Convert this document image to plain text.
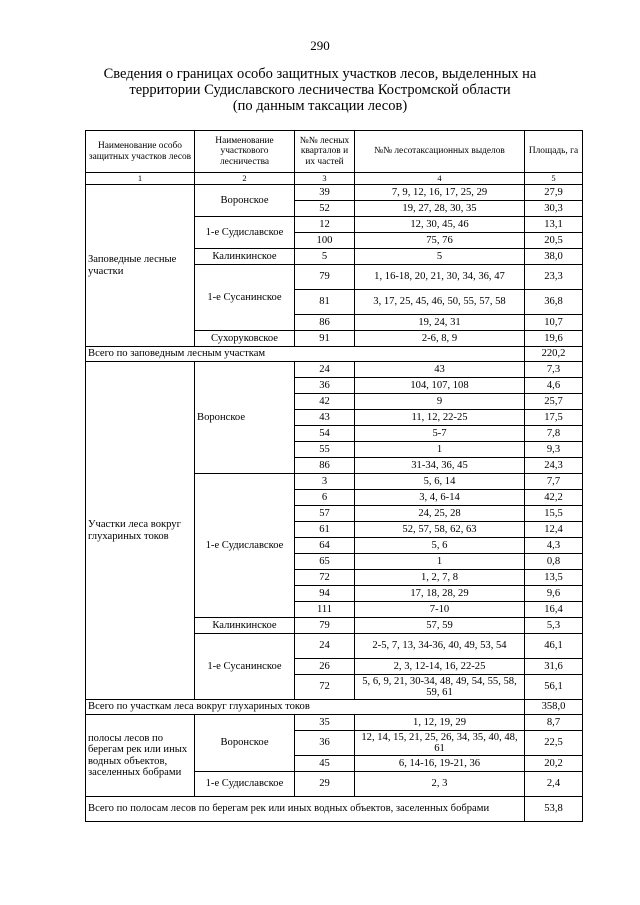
290
Сведения о границах особо защитных участков лесов, выделенных на
территории Судиславского лесничества Костромской области
(по данным таксации лесов)
Наименование особо защитных участков лесов	Наименование участкового лесничества	№№ лесных кварталов и их частей	№№ лесотаксационных выделов	Площадь, га
1	2	3	4	5
Заповедные лесные участки	Воронское	39	7, 9, 12, 16, 17, 25, 29	27,9
		52	19, 27, 28, 30, 35	30,3
	1-е Судиславское	12	12, 30, 45, 46	13,1
		100	75, 76	20,5
	Калинкинское	5	5	38,0
	1-е Сусанинское	79	1, 16-18, 20, 21, 30, 34, 36, 47	23,3
		81	3, 17, 25, 45, 46, 50, 55, 57, 58	36,8
		86	19, 24, 31	10,7
	Сухоруковское	91	2-6, 8, 9	19,6
Всего по заповедным лесным участкам				220,2
Участки леса вокруг глухариных токов	Воронское	24	43	7,3
		36	104, 107, 108	4,6
		42	9	25,7
		43	11, 12, 22-25	17,5
		54	5-7	7,8
		55	1	9,3
		86	31-34, 36, 45	24,3
	1-е Судиславское	3	5, 6, 14	7,7
		6	3, 4, 6-14	42,2
		57	24, 25, 28	15,5
		61	52, 57, 58, 62, 63	12,4
		64	5, 6	4,3
		65	1	0,8
		72	1, 2, 7, 8	13,5
		94	17, 18, 28, 29	9,6
		111	7-10	16,4
	Калинкинское	79	57, 59	5,3
	1-е Сусанинское	24	2-5, 7, 13, 34-36, 40, 49, 53, 54	46,1
		26	2, 3, 12-14, 16, 22-25	31,6
		72	5, 6, 9, 21, 30-34, 48, 49, 54, 55, 58, 59, 61	56,1
Всего по участкам леса вокруг глухариных токов				358,0
полосы лесов по берегам рек или иных водных объектов, заселенных бобрами	Воронское	35	1, 12, 19, 29	8,7
		36	12, 14, 15, 21, 25, 26, 34, 35, 40, 48, 61	22,5
		45	6, 14-16, 19-21, 36	20,2
	1-е Судиславское	29	2, 3	2,4
Всего по полосам лесов по берегам рек или иных водных объектов, заселенных бобрами				53,8
